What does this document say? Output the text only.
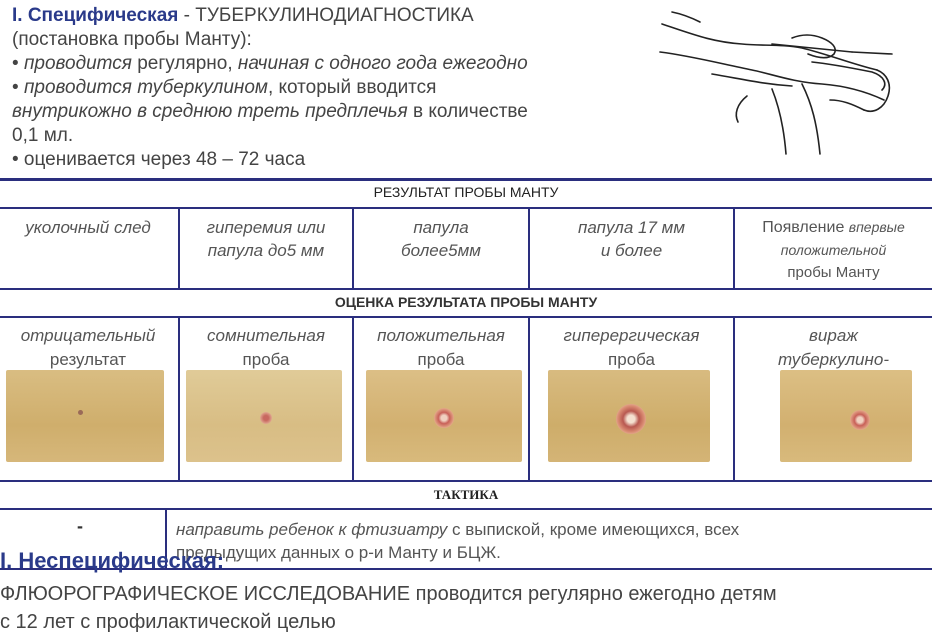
I. Специфическая - ТУБЕРКУЛИНОДИАГНОСТИКА
(постановка пробы Манту):
• проводится регулярно, начиная с одного года ежегодно
• проводится туберкулином, который вводится
внутрикожно в среднюю треть предплечья в количестве
0,1 мл.
• оценивается через 48 – 72 часа
РЕЗУЛЬТАТ ПРОБЫ МАНТУ
ОЦЕНКА РЕЗУЛЬТАТА ПРОБЫ МАНТУ
ТАКТИКА
уколочный след	гиперемия или
папула до5 мм
папула
более5мм
папула 17 мм
и более
Появление впервые
положительной
пробы Манту
отрицательный
результат
сомнительная
проба
положительная
проба
гиперергическая
проба
вираж
туберкулино-
-	направить ребенок к фтизиатру с выпиской, кроме имеющихся, всех
предыдущих данных о р-и Манту и БЦЖ.
I. Неспецифическая:
ФЛЮОРОГРАФИЧЕСКОЕ ИССЛЕДОВАНИЕ проводится регулярно ежегодно детям
с 12 лет с профилактической целью
